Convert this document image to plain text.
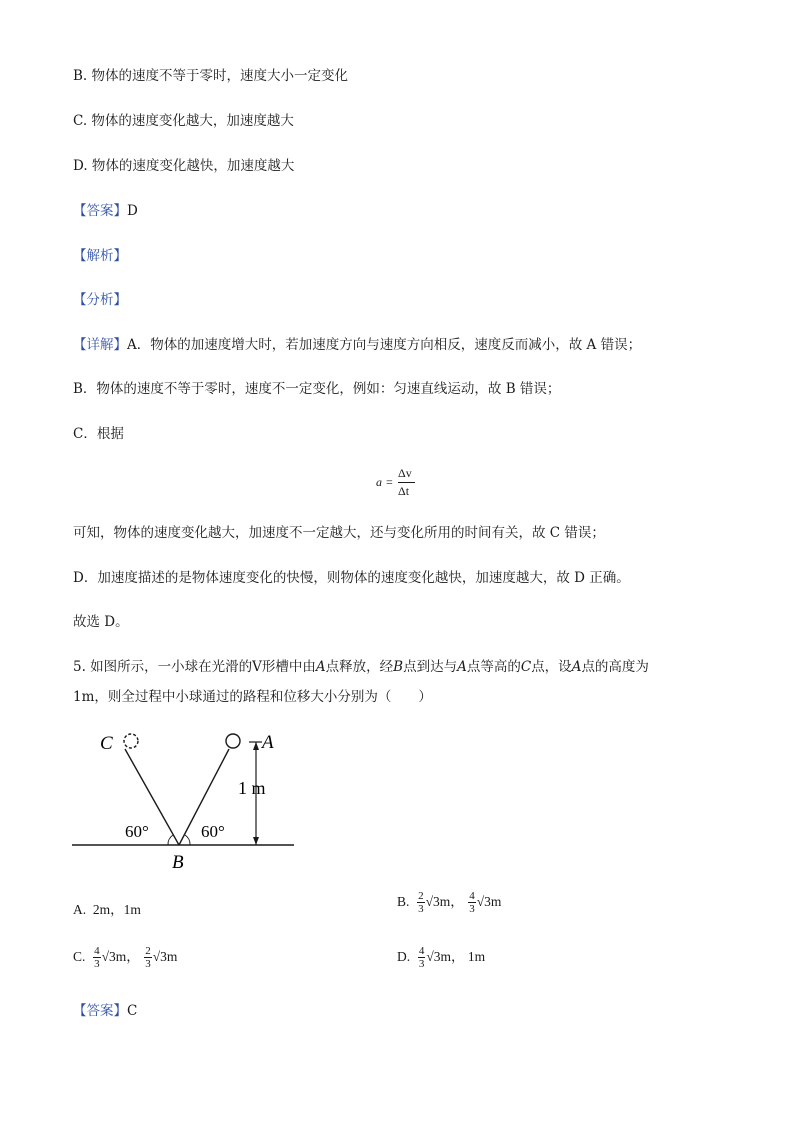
B. 物体的速度不等于零时，速度大小一定变化
C. 物体的速度变化越大，加速度越大
D. 物体的速度变化越快，加速度越大
【答案】D
【解析】
【分析】
【详解】A．物体的加速度增大时，若加速度方向与速度方向相反，速度反而减小，故 A 错误；
B．物体的速度不等于零时，速度不一定变化，例如：匀速直线运动，故 B 错误；
C．根据
a =
Δv
Δt
可知，物体的速度变化越大，加速度不一定越大，还与变化所用的时间有关，故 C 错误；
D．加速度描述的是物体速度变化的快慢，则物体的速度变化越快，加速度越大，故 D 正确。
故选 D。
5. 如图所示，一小球在光滑的V形槽中由A点释放，经B点到达与A点等高的C点，设A点的高度为
1m，则全过程中小球通过的路程和位移大小分别为（　　）
C	A
B
1 m
60°	60°
A. 2m，1m
B. $\frac{2}{3} √3m$， $\frac{4}{3} √3m$
C. $\frac{4}{3} √3m$， $\frac{2}{3} √3m$	D. $\frac{4}{3} √3m$， 1m
【答案】C
